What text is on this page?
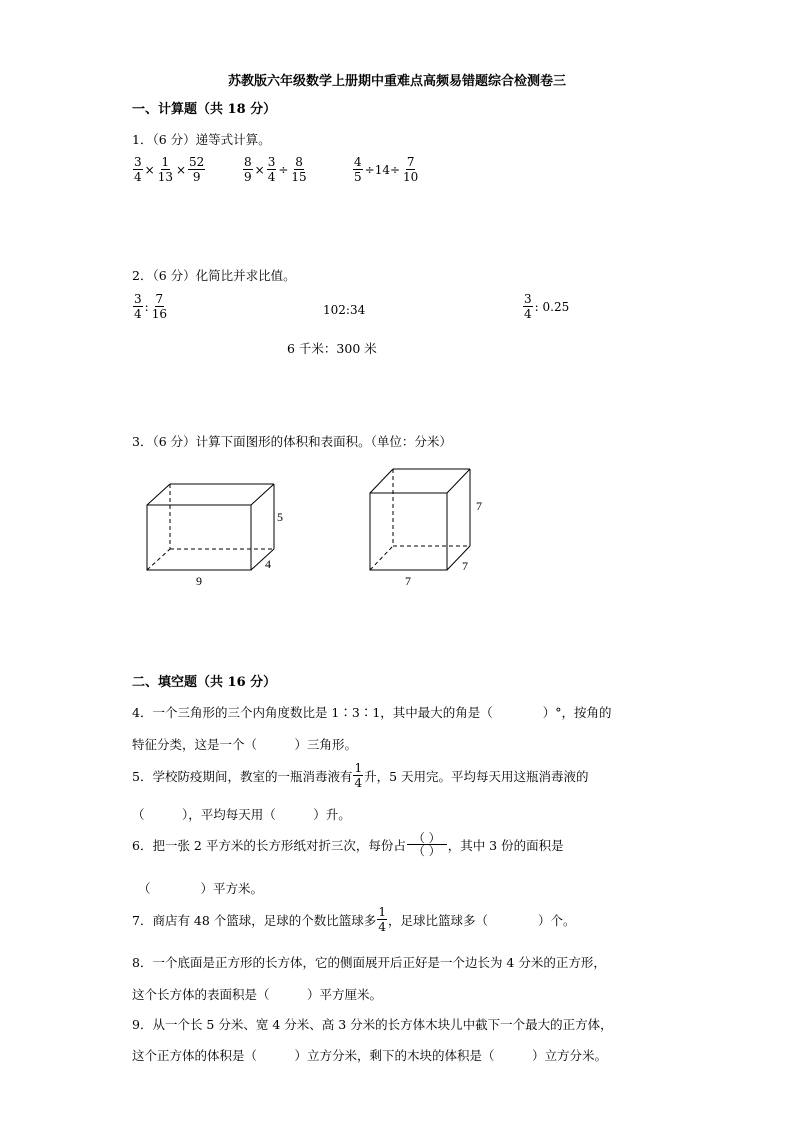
苏教版六年级数学上册期中重难点高频易错题综合检测卷三
一、计算题（共 18 分）
1．（6 分）递等式计算。
$\frac{3}{4} \times \frac{1}{13} \times \frac{52}{9}$	$\frac{8}{9} \times \frac{3}{4} \div \frac{8}{15}$	$\frac{4}{5} \div 14\div \frac{7}{10}$
2．（6 分）化简比并求比值。
$\frac{3}{4}$ : $\frac{7}{16}$	102:34	$\frac{3}{4}$ : 0.25
6 千米：300 米
3．（6 分）计算下面图形的体积和表面积。（单位：分米）
5
4
9
7
7
7
二、填空题（共 16 分）
4．一个三角形的三个内角度数比是 1∶3∶1，其中最大的角是（　　　　）°，按角的
特征分类，这是一个（　　　）三角形。
5．学校防疫期间，教室的一瓶消毒液有 $\frac{1}{4}$ 升，5 天用完。平均每天用这瓶消毒液的
（　　　），平均每天用（　　　）升。
6．把一张 2 平方米的长方形纸对折三次，每份占 $\frac{( )}{( )}$ ，其中 3 份的面积是
（　　　　）平方米。
7．商店有 48 个篮球，足球的个数比篮球多 $\frac{1}{4}$ ，足球比篮球多（　　　　）个。
8．一个底面是正方形的长方体，它的侧面展开后正好是一个边长为 4 分米的正方形，
这个长方体的表面积是（　　　）平方厘米。
9．从一个长 5 分米、宽 4 分米、高 3 分米的长方体木块儿中截下一个最大的正方体，
这个正方体的体积是（　　　）立方分米，剩下的木块的体积是（　　　）立方分米。
